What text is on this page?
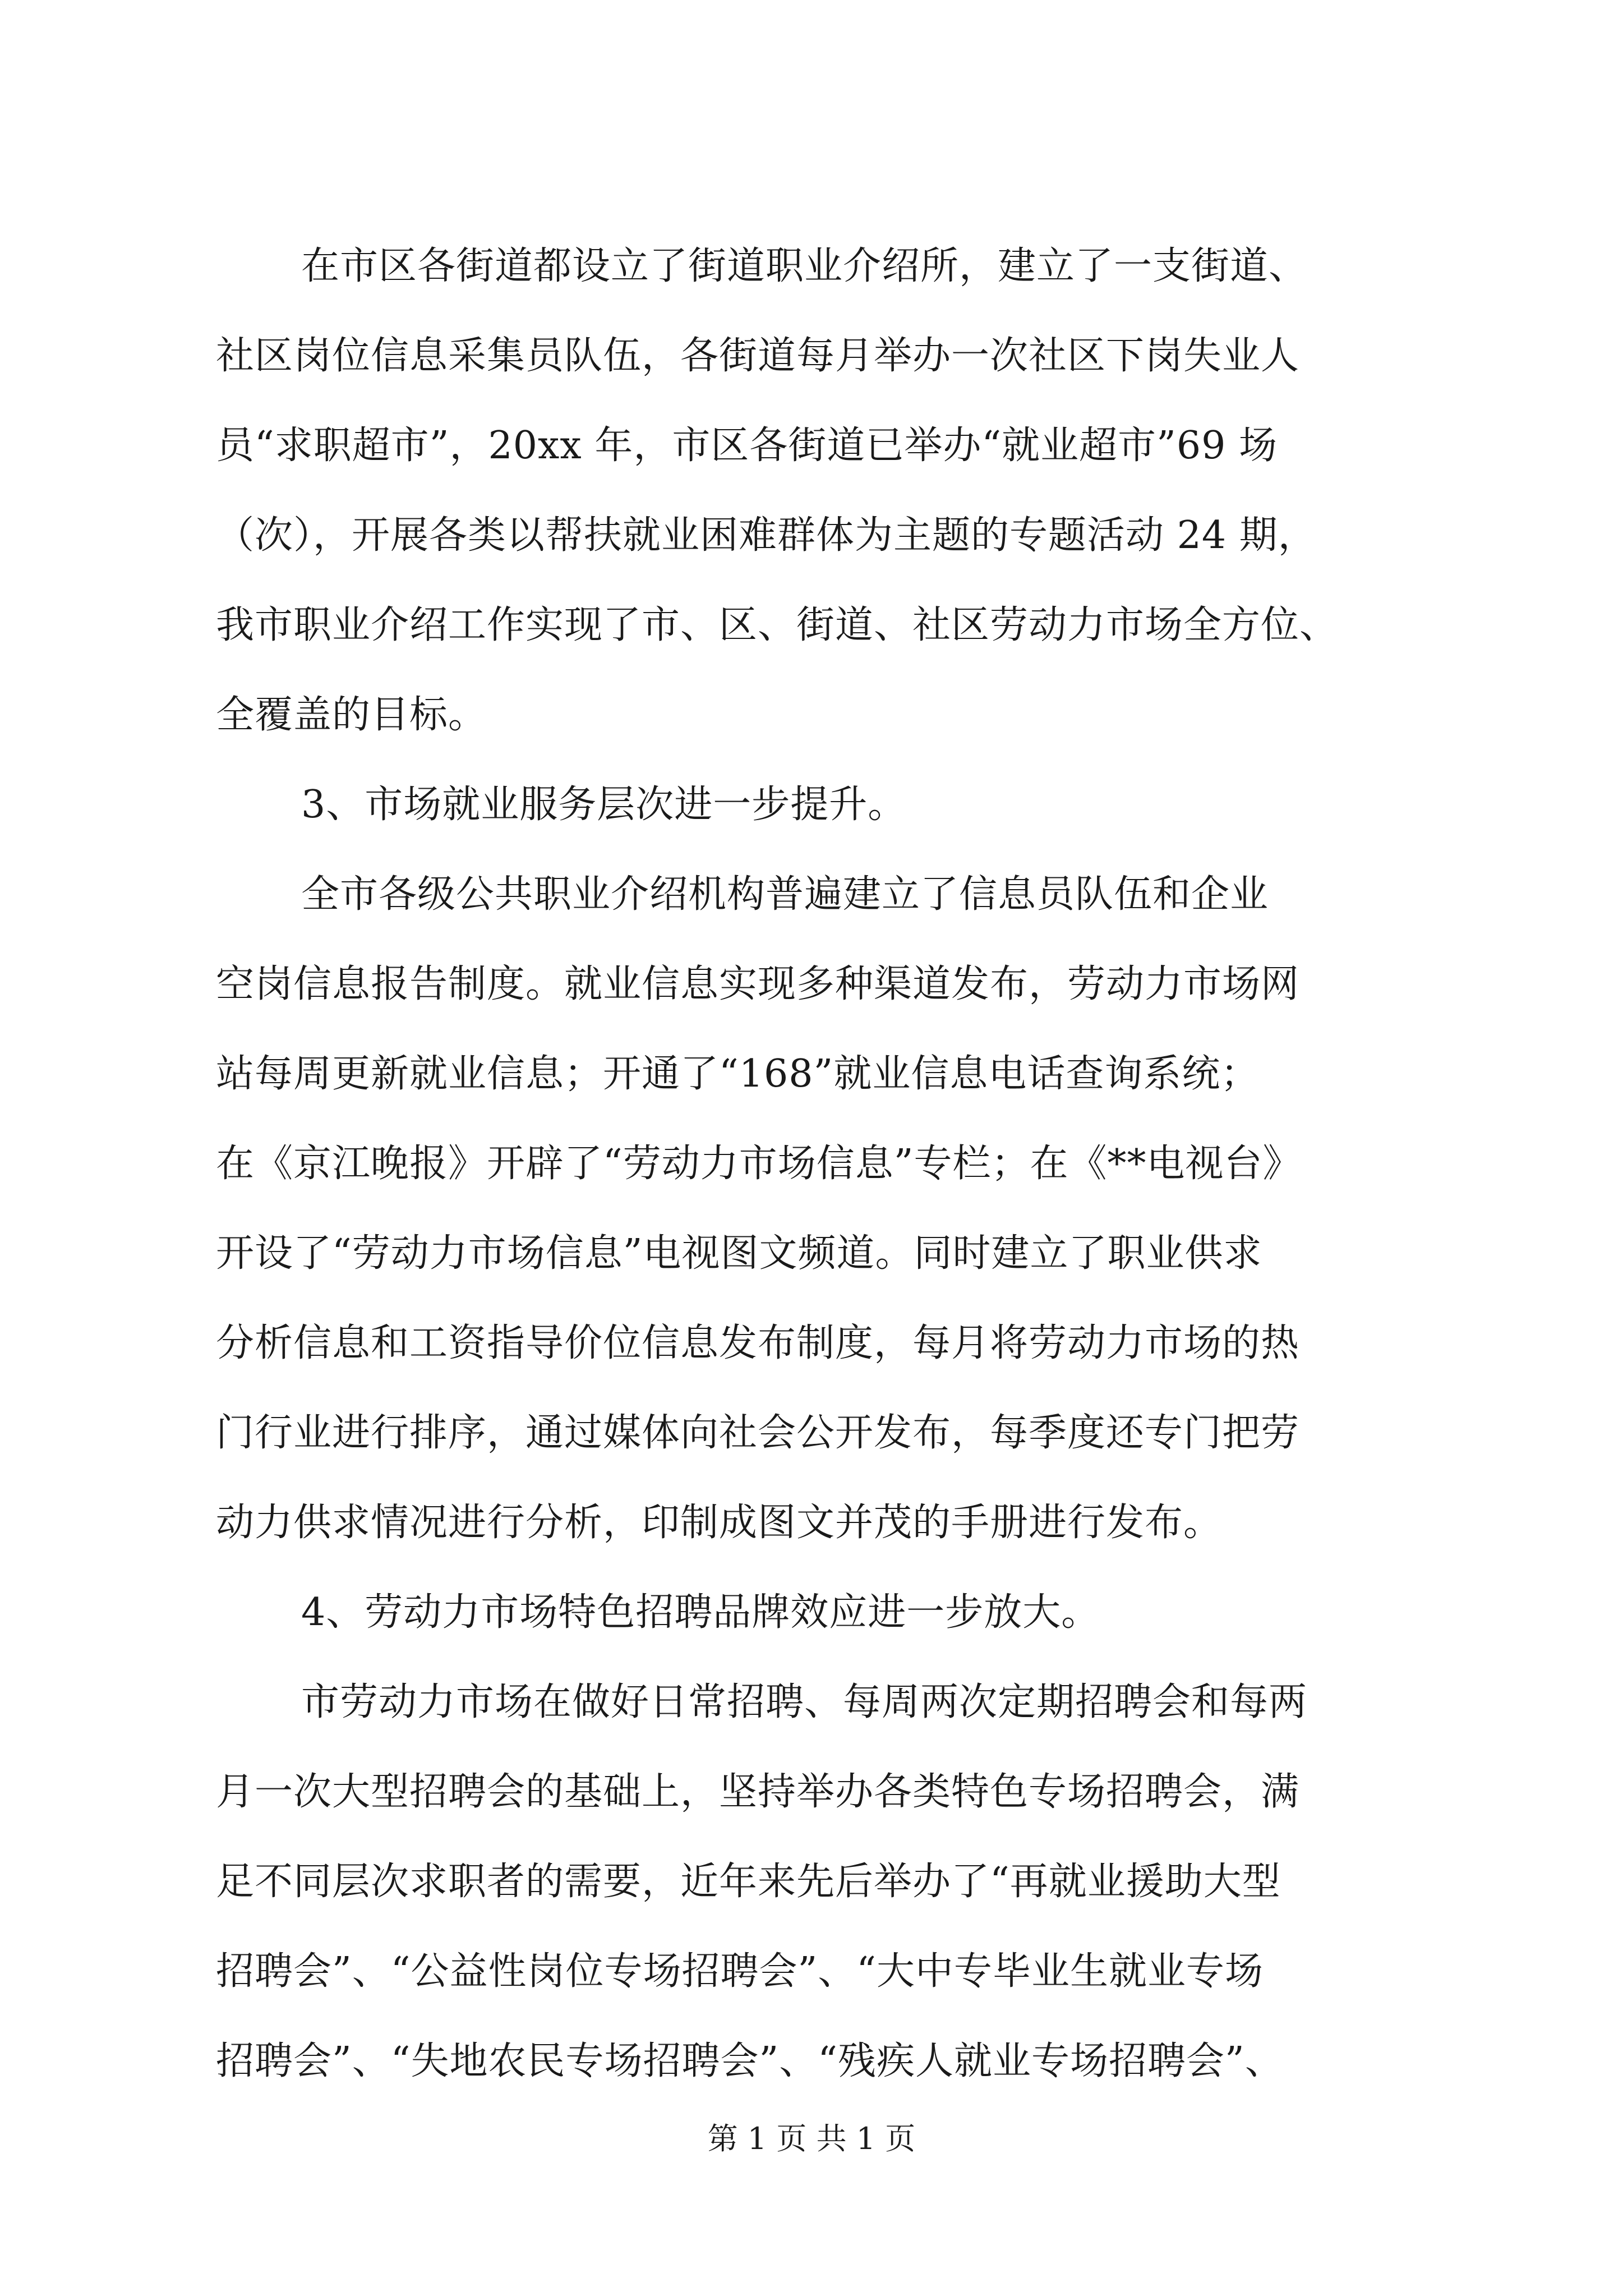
在市区各街道都设立了街道职业介绍所，建立了一支街道、
社区岗位信息采集员队伍，各街道每月举办一次社区下岗失业人
员“求职超市”，20xx 年，市区各街道已举办“就业超市”69 场
（次），开展各类以帮扶就业困难群体为主题的专题活动 24 期，
我市职业介绍工作实现了市、区、街道、社区劳动力市场全方位、
全覆盖的目标。
3、市场就业服务层次进一步提升。
全市各级公共职业介绍机构普遍建立了信息员队伍和企业
空岗信息报告制度。就业信息实现多种渠道发布，劳动力市场网
站每周更新就业信息；开通了“168”就业信息电话查询系统；
在《京江晚报》开辟了“劳动力市场信息”专栏；在《**电视台》
开设了“劳动力市场信息”电视图文频道。同时建立了职业供求
分析信息和工资指导价位信息发布制度，每月将劳动力市场的热
门行业进行排序，通过媒体向社会公开发布，每季度还专门把劳
动力供求情况进行分析，印制成图文并茂的手册进行发布。
4、劳动力市场特色招聘品牌效应进一步放大。
市劳动力市场在做好日常招聘、每周两次定期招聘会和每两
月一次大型招聘会的基础上，坚持举办各类特色专场招聘会，满
足不同层次求职者的需要，近年来先后举办了“再就业援助大型
招聘会”、“公益性岗位专场招聘会”、“大中专毕业生就业专场
招聘会”、“失地农民专场招聘会”、“残疾人就业专场招聘会”、
第 1 页 共 1 页
